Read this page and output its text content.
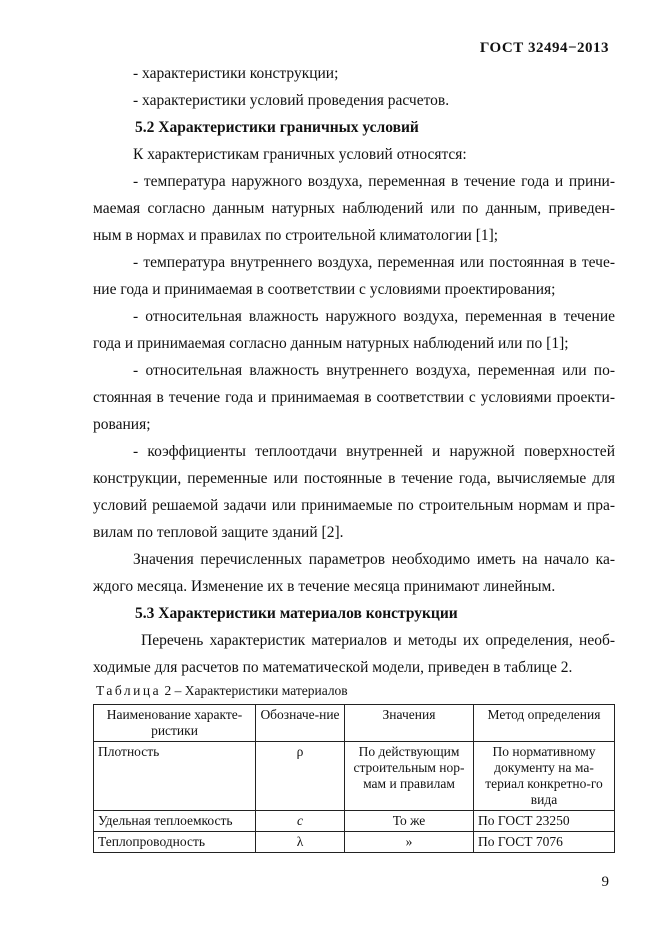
ГОСТ 32494−2013
- характеристики конструкции;
- характеристики условий проведения расчетов.
5.2 Характеристики граничных условий
К характеристикам граничных условий относятся:
- температура наружного воздуха, переменная в течение года и прини-
маемая согласно данным натурных наблюдений или по данным, приведен-
ным в нормах и правилах по строительной климатологии [1];
- температура внутреннего воздуха, переменная или постоянная в тече-
ние года и принимаемая в соответствии с условиями проектирования;
- относительная влажность наружного воздуха, переменная в течение
года и принимаемая согласно данным натурных наблюдений или по [1];
- относительная влажность внутреннего воздуха, переменная или по-
стоянная в течение года и принимаемая в соответствии с условиями проекти-
рования;
- коэффициенты теплоотдачи внутренней и наружной поверхностей
конструкции, переменные или постоянные в течение года, вычисляемые для
условий решаемой задачи или принимаемые по строительным нормам и пра-
вилам по тепловой защите зданий [2].
Значения перечисленных параметров необходимо иметь на начало ка-
ждого месяца. Изменение их в течение месяца принимают линейным.
5.3 Характеристики материалов конструкции
Перечень характеристик материалов и методы их определения, необ-
ходимые для расчетов по математической модели, приведен в таблице 2.
Таблица 2 – Характеристики материалов
Наименование характе-ристики	Обозначе-ние	Значения	Метод определения
Плотность	ρ	По действующим строительным нор-мам и правилам	По нормативному документу на ма-териал конкретно-го вида
Удельная теплоемкость	c	То же	По ГОСТ 23250
Теплопроводность	λ	»	По ГОСТ 7076
9
